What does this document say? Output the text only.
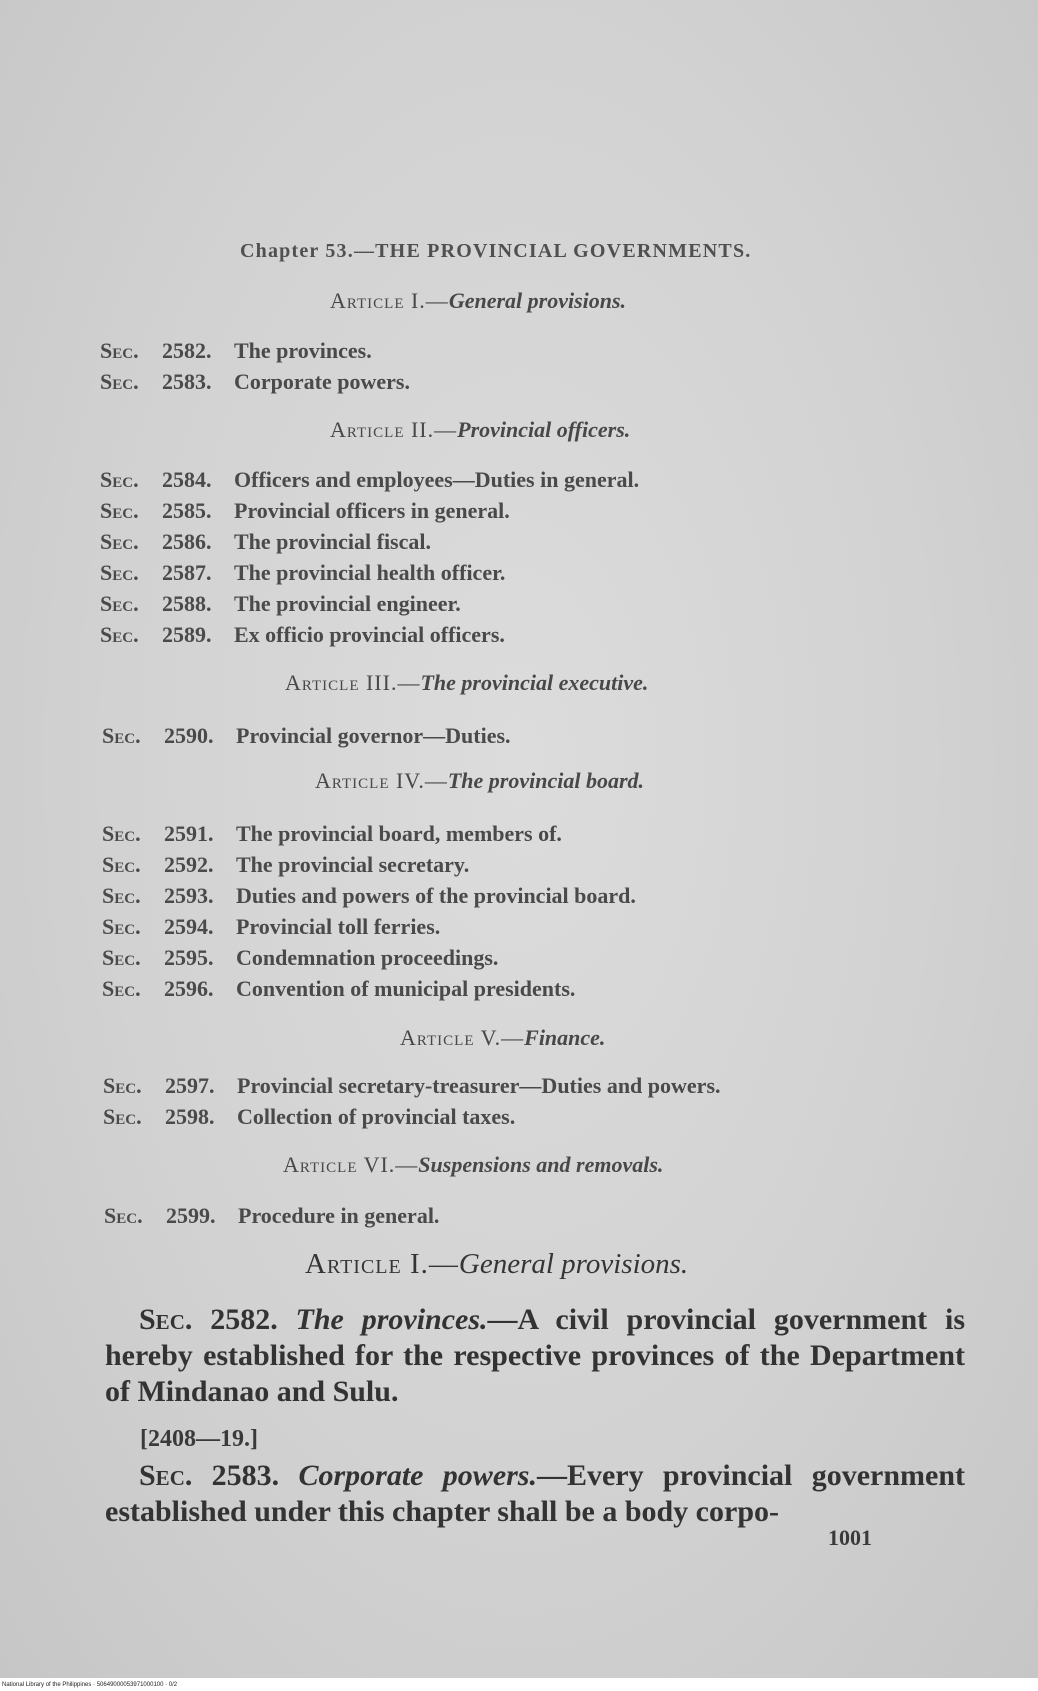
Chapter 53.—THE PROVINCIAL GOVERNMENTS.
Article I.—General provisions.
Sec. 2582. The provinces.
Sec. 2583. Corporate powers.
Article II.—Provincial officers.
Sec. 2584. Officers and employees—Duties in general.
Sec. 2585. Provincial officers in general.
Sec. 2586. The provincial fiscal.
Sec. 2587. The provincial health officer.
Sec. 2588. The provincial engineer.
Sec. 2589. Ex officio provincial officers.
Article III.—The provincial executive.
Sec. 2590. Provincial governor—Duties.
Article IV.—The provincial board.
Sec. 2591. The provincial board, members of.
Sec. 2592. The provincial secretary.
Sec. 2593. Duties and powers of the provincial board.
Sec. 2594. Provincial toll ferries.
Sec. 2595. Condemnation proceedings.
Sec. 2596. Convention of municipal presidents.
Article V.—Finance.
Sec. 2597. Provincial secretary-treasurer—Duties and powers.
Sec. 2598. Collection of provincial taxes.
Article VI.—Suspensions and removals.
Sec. 2599. Procedure in general.
Article I.—General provisions.

Sec. 2582. The provinces.—A civil provincial government is hereby established for the respective provinces of the Department of Mindanao and Sulu.

[2408—19.]

Sec. 2583. Corporate powers.—Every provincial government established under this chapter shall be a body corpo-

1001
National Library of the Philippines · 50649000053971000100 · 0/2
